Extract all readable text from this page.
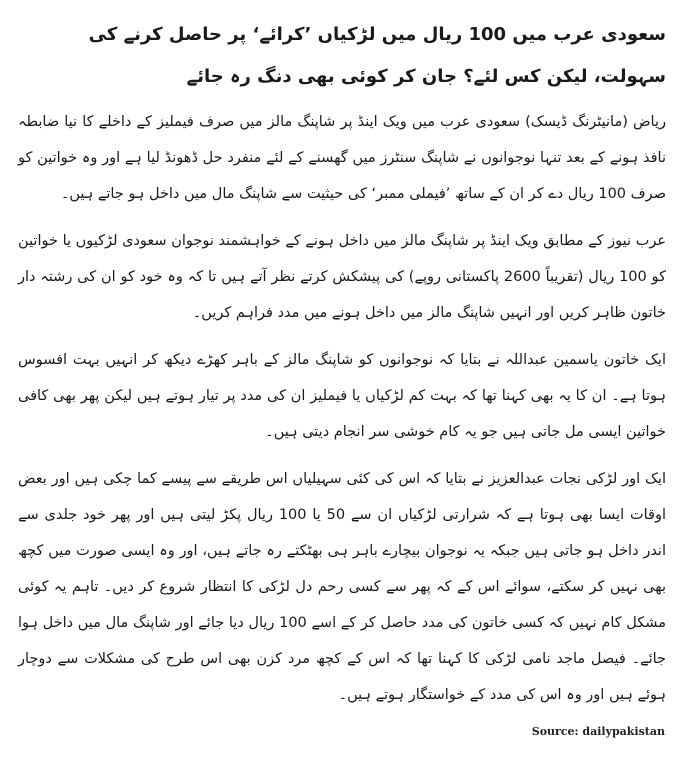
سعودی عرب میں 100 ریال میں لڑکیاں ’کرائے‘ پر حاصل کرنے کی سہولت، لیکن کس لئے؟ جان کر کوئی بھی دنگ رہ جائے

ریاض (مانیٹرنگ ڈیسک) سعودی عرب میں ویک اینڈ پر شاپنگ مالز میں صرف فیملیز کے داخلے کا نیا ضابطہ نافذ ہونے کے بعد تنہا نوجوانوں نے شاپنگ سنٹرز میں گھسنے کے لئے منفرد حل ڈھونڈ لیا ہے اور وہ خواتین کو صرف 100 ریال دے کر ان کے ساتھ ’فیملی ممبر‘ کی حیثیت سے شاپنگ مال میں داخل ہو جاتے ہیں۔

عرب نیوز کے مطابق ویک اینڈ پر شاپنگ مالز میں داخل ہونے کے خواہشمند نوجوان سعودی لڑکیوں یا خواتین کو 100 ریال (تقریباً 2600 پاکستانی روپے) کی پیشکش کرتے نظر آتے ہیں تا کہ وہ خود کو ان کی رشتہ دار خاتون ظاہر کریں اور انہیں شاپنگ مالز میں داخل ہونے میں مدد فراہم کریں۔

ایک خاتون یاسمین عبداللہ نے بتایا کہ نوجوانوں کو شاپنگ مالز کے باہر کھڑے دیکھ کر انہیں بہت افسوس ہوتا ہے۔ ان کا یہ بھی کہنا تھا کہ بہت کم لڑکیاں یا فیملیز ان کی مدد پر تیار ہوتے ہیں لیکن پھر بھی کافی خواتین ایسی مل جاتی ہیں جو یہ کام خوشی سر انجام دیتی ہیں۔

ایک اور لڑکی نجات عبدالعزیز نے بتایا کہ اس کی کئی سہیلیاں اس طریقے سے پیسے کما چکی ہیں اور بعض اوقات ایسا بھی ہوتا ہے کہ شرارتی لڑکیاں ان سے 50 یا 100 ریال پکڑ لیتی ہیں اور پھر خود جلدی سے اندر داخل ہو جاتی ہیں جبکہ یہ نوجوان بیچارے باہر ہی بھٹکتے رہ جاتے ہیں، اور وہ ایسی صورت میں کچھ بھی نہیں کر سکتے، سوائے اس کے کہ پھر سے کسی رحم دل لڑکی کا انتظار شروع کر دیں۔ تاہم یہ کوئی مشکل کام نہیں کہ کسی خاتون کی مدد حاصل کر کے اسے 100 ریال دیا جائے اور شاپنگ مال میں داخل ہوا جائے۔ فیصل ماجد نامی لڑکی کا کہنا تھا کہ اس کے کچھ مرد کزن بھی اس طرح کی مشکلات سے دوچار ہوئے ہیں اور وہ اس کی مدد کے خواستگار ہوتے ہیں۔

Source: dailypakistan
